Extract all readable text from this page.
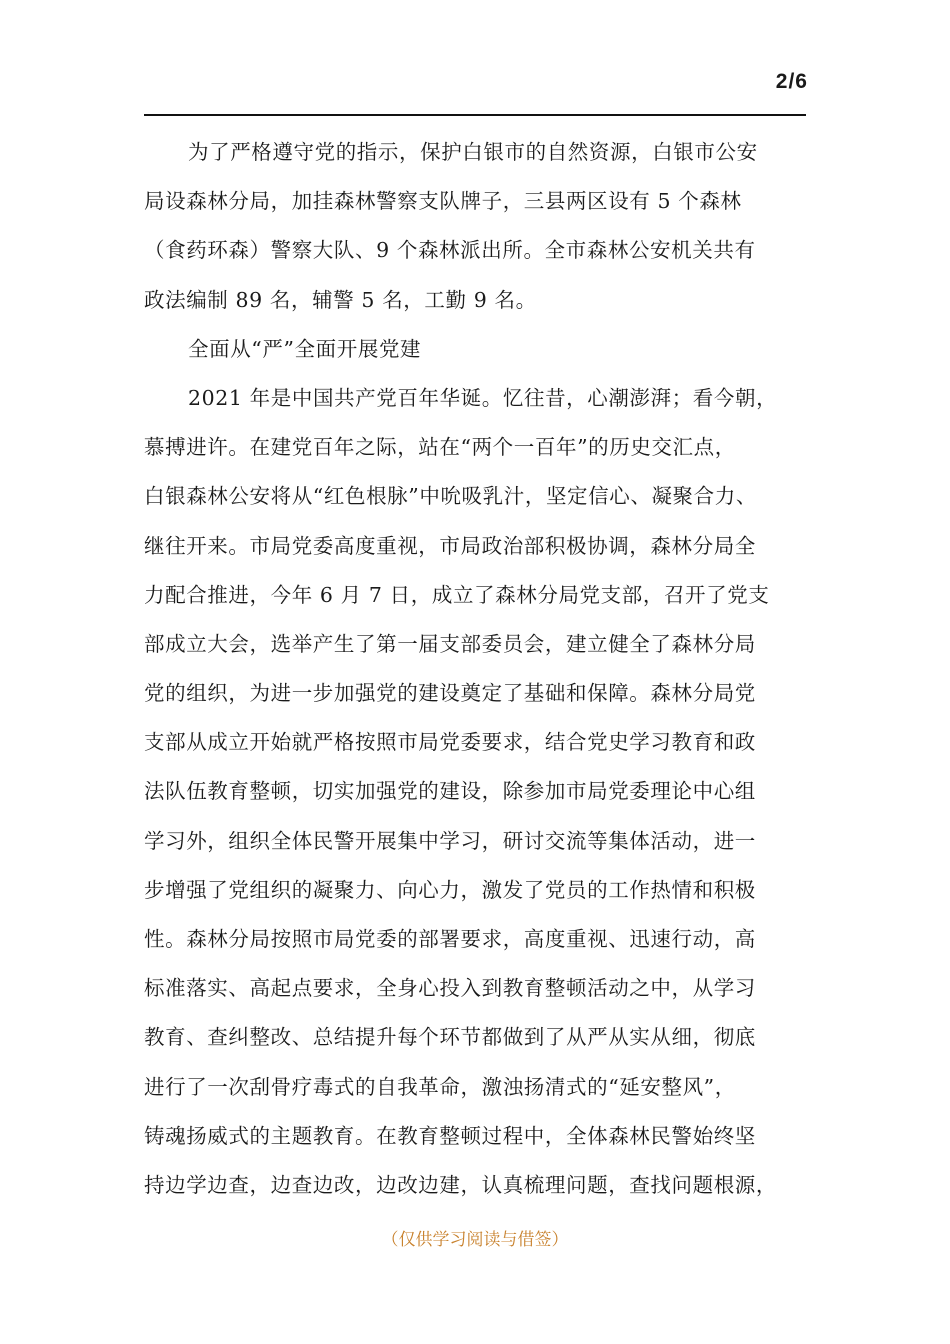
2/6
为了严格遵守党的指示，保护白银市的自然资源，白银市公安
局设森林分局，加挂森林警察支队牌子，三县两区设有 5 个森林
（食药环森）警察大队、9 个森林派出所。全市森林公安机关共有
政法编制 89 名，辅警 5 名，工勤 9 名。
全面从“严”全面开展党建
2021 年是中国共产党百年华诞。忆往昔，心潮澎湃；看今朝，
慕搏进许。在建党百年之际，站在“两个一百年”的历史交汇点，
白银森林公安将从“红色根脉”中吮吸乳汁，坚定信心、凝聚合力、
继往开来。市局党委高度重视，市局政治部积极协调，森林分局全
力配合推进，今年 6 月 7 日，成立了森林分局党支部，召开了党支
部成立大会，选举产生了第一届支部委员会，建立健全了森林分局
党的组织，为进一步加强党的建设奠定了基础和保障。森林分局党
支部从成立开始就严格按照市局党委要求，结合党史学习教育和政
法队伍教育整顿，切实加强党的建设，除参加市局党委理论中心组
学习外，组织全体民警开展集中学习，研讨交流等集体活动，进一
步增强了党组织的凝聚力、向心力，激发了党员的工作热情和积极
性。森林分局按照市局党委的部署要求，高度重视、迅速行动，高
标准落实、高起点要求，全身心投入到教育整顿活动之中，从学习
教育、查纠整改、总结提升每个环节都做到了从严从实从细，彻底
进行了一次刮骨疗毒式的自我革命，激浊扬清式的“延安整风”，
铸魂扬威式的主题教育。在教育整顿过程中，全体森林民警始终坚
持边学边查，边查边改，边改边建，认真梳理问题，查找问题根源，
（仅供学习阅读与借签）
